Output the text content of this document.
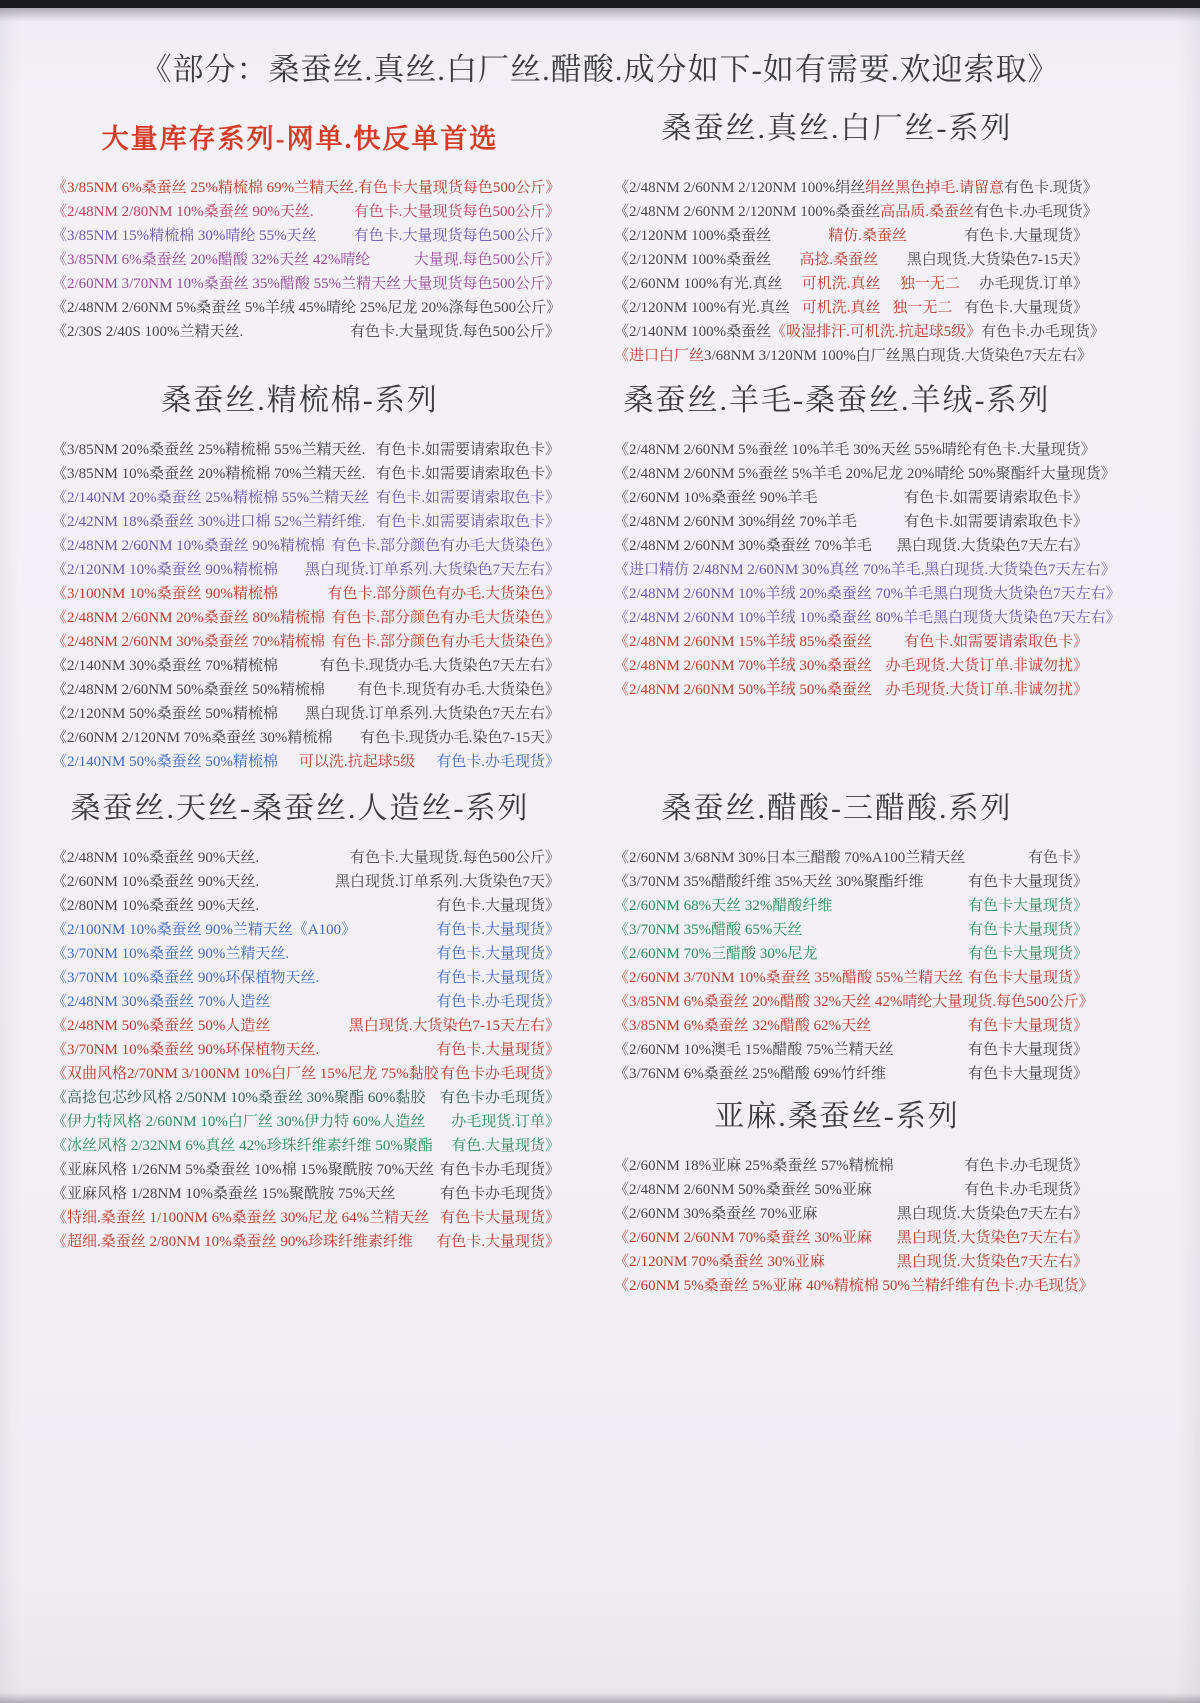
《部分：桑蚕丝.真丝.白厂丝.醋酸.成分如下-如有需要.欢迎索取》
大量库存系列-网单.快反单首选
《3/85NM 6%桑蚕丝 25%精梳棉 69%兰精天丝. 有色卡大量现货每色500公斤》
《2/48NM 2/80NM 10%桑蚕丝 90%天丝.	有色卡.大量现货每色500公斤》
《3/85NM 15%精梳棉 30%晴纶 55%天丝 有色卡.大量现货每色500公斤》
《3/85NM 6%桑蚕丝 20%醋酸 32%天丝 42%晴纶	大量现.每色500公斤》
《2/60NM 3/70NM 10%桑蚕丝 35%醋酸 55%兰精天丝 大量现货每色500公斤》
《2/48NM 2/60NM 5%桑蚕丝 5%羊绒 45%晴纶 25%尼龙 20%涤 每色500公斤》
《2/30S 2/40S 100%兰精天丝.	有色卡.大量现货.每色500公斤》
桑蚕丝.精梳棉-系列
《3/85NM 20%桑蚕丝 25%精梳棉 55%兰精天丝. 有色卡.如需要请索取色卡》
《3/85NM 10%桑蚕丝 20%精梳棉 70%兰精天丝. 有色卡.如需要请索取色卡》
《2/140NM 20%桑蚕丝 25%精梳棉 55%兰精天丝 有色卡.如需要请索取色卡》
《2/42NM 18%桑蚕丝 30%进口棉 52%兰精纤维. 有色卡.如需要请索取色卡》
《2/48NM 2/60NM 10%桑蚕丝 90%精梳棉 有色卡.部分颜色有办毛大货染色》
《2/120NM 10%桑蚕丝 90%精梳棉 黑白现货.订单系列.大货染色7天左右》
《3/100NM 10%桑蚕丝 90%精梳棉	有色卡.部分颜色有办毛.大货染色》
《2/48NM 2/60NM 20%桑蚕丝 80%精梳棉 有色卡.部分颜色有办毛大货染色》
《2/48NM 2/60NM 30%桑蚕丝 70%精梳棉 有色卡.部分颜色有办毛大货染色》
《2/140NM 30%桑蚕丝 70%精梳棉	有色卡.现货办毛.大货染色7天左右》
《2/48NM 2/60NM 50%桑蚕丝 50%精梳棉 有色卡.现货有办毛.大货染色》
《2/120NM 50%桑蚕丝 50%精梳棉 黑白现货.订单系列.大货染色7天左右》
《2/60NM 2/120NM 70%桑蚕丝 30%精梳棉 有色卡.现货办毛.染色7-15天》
《2/140NM 50%桑蚕丝 50%精梳棉 可以洗.抗起球5级 有色卡.办毛现货》
桑蚕丝.天丝-桑蚕丝.人造丝-系列
《2/48NM 10%桑蚕丝 90%天丝.	有色卡.大量现货.每色500公斤》
《2/60NM 10%桑蚕丝 90%天丝.	黑白现货.订单系列.大货染色7天》
《2/80NM 10%桑蚕丝 90%天丝.	有色卡.大量现货》
《2/100NM 10%桑蚕丝 90%兰精天丝《A100》	有色卡.大量现货》
《3/70NM 10%桑蚕丝 90%兰精天丝.	有色卡.大量现货》
《3/70NM 10%桑蚕丝 90%环保植物天丝.	有色卡.大量现货》
《2/48NM 30%桑蚕丝 70%人造丝	有色卡.办毛现货》
《2/48NM 50%桑蚕丝 50%人造丝	黑白现货.大货染色7-15天左右》
《3/70NM 10%桑蚕丝 90%环保植物天丝.	有色卡.大量现货》
《双曲风格2/70NM 3/100NM 10%白厂丝 15%尼龙 75%黏胶 有色卡办毛现货》
《高捻包芯纱风格 2/50NM 10%桑蚕丝 30%聚酯 60%黏胶 有色卡办毛现货》
《伊力特风格 2/60NM 10%白厂丝 30%伊力特 60%人造丝 办毛现货.订单》
《冰丝风格 2/32NM 6%真丝 42%珍珠纤维素纤维 50%聚酯 有色.大量现货》
《亚麻风格 1/26NM 5%桑蚕丝 10%棉 15%聚酰胺 70%天丝 有色卡办毛现货》
《亚麻风格 1/28NM 10%桑蚕丝 15%聚酰胺 75%天丝	有色卡办毛现货》
《特细.桑蚕丝 1/100NM 6%桑蚕丝 30%尼龙 64%兰精天丝 有色卡大量现货》
《超细.桑蚕丝 2/80NM 10%桑蚕丝 90%珍珠纤维素纤维 有色卡.大量现货》
桑蚕丝.真丝.白厂丝-系列
《2/48NM 2/60NM 2/120NM 100%绢丝 绢丝黑色掉毛.请留意 有色卡.现货》
《2/48NM 2/60NM 2/120NM 100%桑蚕丝 高品质.桑蚕丝 有色卡.办毛现货》
《2/120NM 100%桑蚕丝	精仿.桑蚕丝	有色卡.大量现货》
《2/120NM 100%桑蚕丝 高捻.桑蚕丝 黑白现货.大货染色7-15天》
《2/60NM 100%有光.真丝 可机洗.真丝 独一无二 办毛现货.订单》
《2/120NM 100%有光.真丝 可机洗.真丝 独一无二 有色卡.大量现货》
《2/140NM 100%桑蚕丝 《吸湿排汗.可机洗.抗起球5级》 有色卡.办毛现货》
《进口白厂丝 3/68NM 3/120NM 100%白厂丝 黑白现货.大货染色7天左右》
桑蚕丝.羊毛-桑蚕丝.羊绒-系列
《2/48NM 2/60NM 5%蚕丝 10%羊毛 30%天丝 55%晴纶 有色卡.大量现货》
《2/48NM 2/60NM 5%蚕丝 5%羊毛 20%尼龙 20%晴纶 50%聚酯纤 大量现货》
《2/60NM 10%桑蚕丝 90%羊毛	有色卡.如需要请索取色卡》
《2/48NM 2/60NM 30%绢丝 70%羊毛	有色卡.如需要请索取色卡》
《2/48NM 2/60NM 30%桑蚕丝 70%羊毛 黑白现货.大货染色7天左右》
《进口精仿 2/48NM 2/60NM 30%真丝 70%羊毛 .黑白现货.大货染色7天左右》
《2/48NM 2/60NM 10%羊绒 20%桑蚕丝 70%羊毛 黑白现货大货染色7天左右》
《2/48NM 2/60NM 10%羊绒 10%桑蚕丝 80%羊毛 黑白现货大货染色7天左右》
《2/48NM 2/60NM 15%羊绒 85%桑蚕丝 有色卡.如需要请索取色卡》
《2/48NM 2/60NM 70%羊绒 30%桑蚕丝 办毛现货.大货订单.非诚勿扰》
《2/48NM 2/60NM 50%羊绒 50%桑蚕丝 办毛现货.大货订单.非诚勿扰》
桑蚕丝.醋酸-三醋酸.系列
《2/60NM 3/68NM 30%日本三醋酸 70%A100兰精天丝	有色卡》
《3/70NM 35%醋酸纤维 35%天丝 30%聚酯纤维	有色卡大量现货》
《2/60NM 68%天丝 32%醋酸纤维	有色卡大量现货》
《3/70NM 35%醋酸 65%天丝	有色卡大量现货》
《2/60NM 70%三醋酸 30%尼龙	有色卡大量现货》
《2/60NM 3/70NM 10%桑蚕丝 35%醋酸 55%兰精天丝 有色卡大量现货》
《3/85NM 6%桑蚕丝 20%醋酸 32%天丝 42%晴纶 大量现货.每色500公斤》
《3/85NM 6%桑蚕丝 32%醋酸 62%天丝	有色卡大量现货》
《2/60NM 10%澳毛 15%醋酸 75%兰精天丝	有色卡大量现货》
《3/76NM 6%桑蚕丝 25%醋酸 69%竹纤维	有色卡大量现货》
亚麻.桑蚕丝-系列
《2/60NM 18%亚麻 25%桑蚕丝 57%精梳棉	有色卡.办毛现货》
《2/48NM 2/60NM 50%桑蚕丝 50%亚麻	有色卡.办毛现货》
《2/60NM 30%桑蚕丝 70%亚麻	黑白现货.大货染色7天左右》
《2/60NM 2/60NM 70%桑蚕丝 30%亚麻 黑白现货.大货染色7天左右》
《2/120NM 70%桑蚕丝 30%亚麻	黑白现货.大货染色7天左右》
《2/60NM 5%桑蚕丝 5%亚麻 40%精梳棉 50%兰精纤维 有色卡.办毛现货》
